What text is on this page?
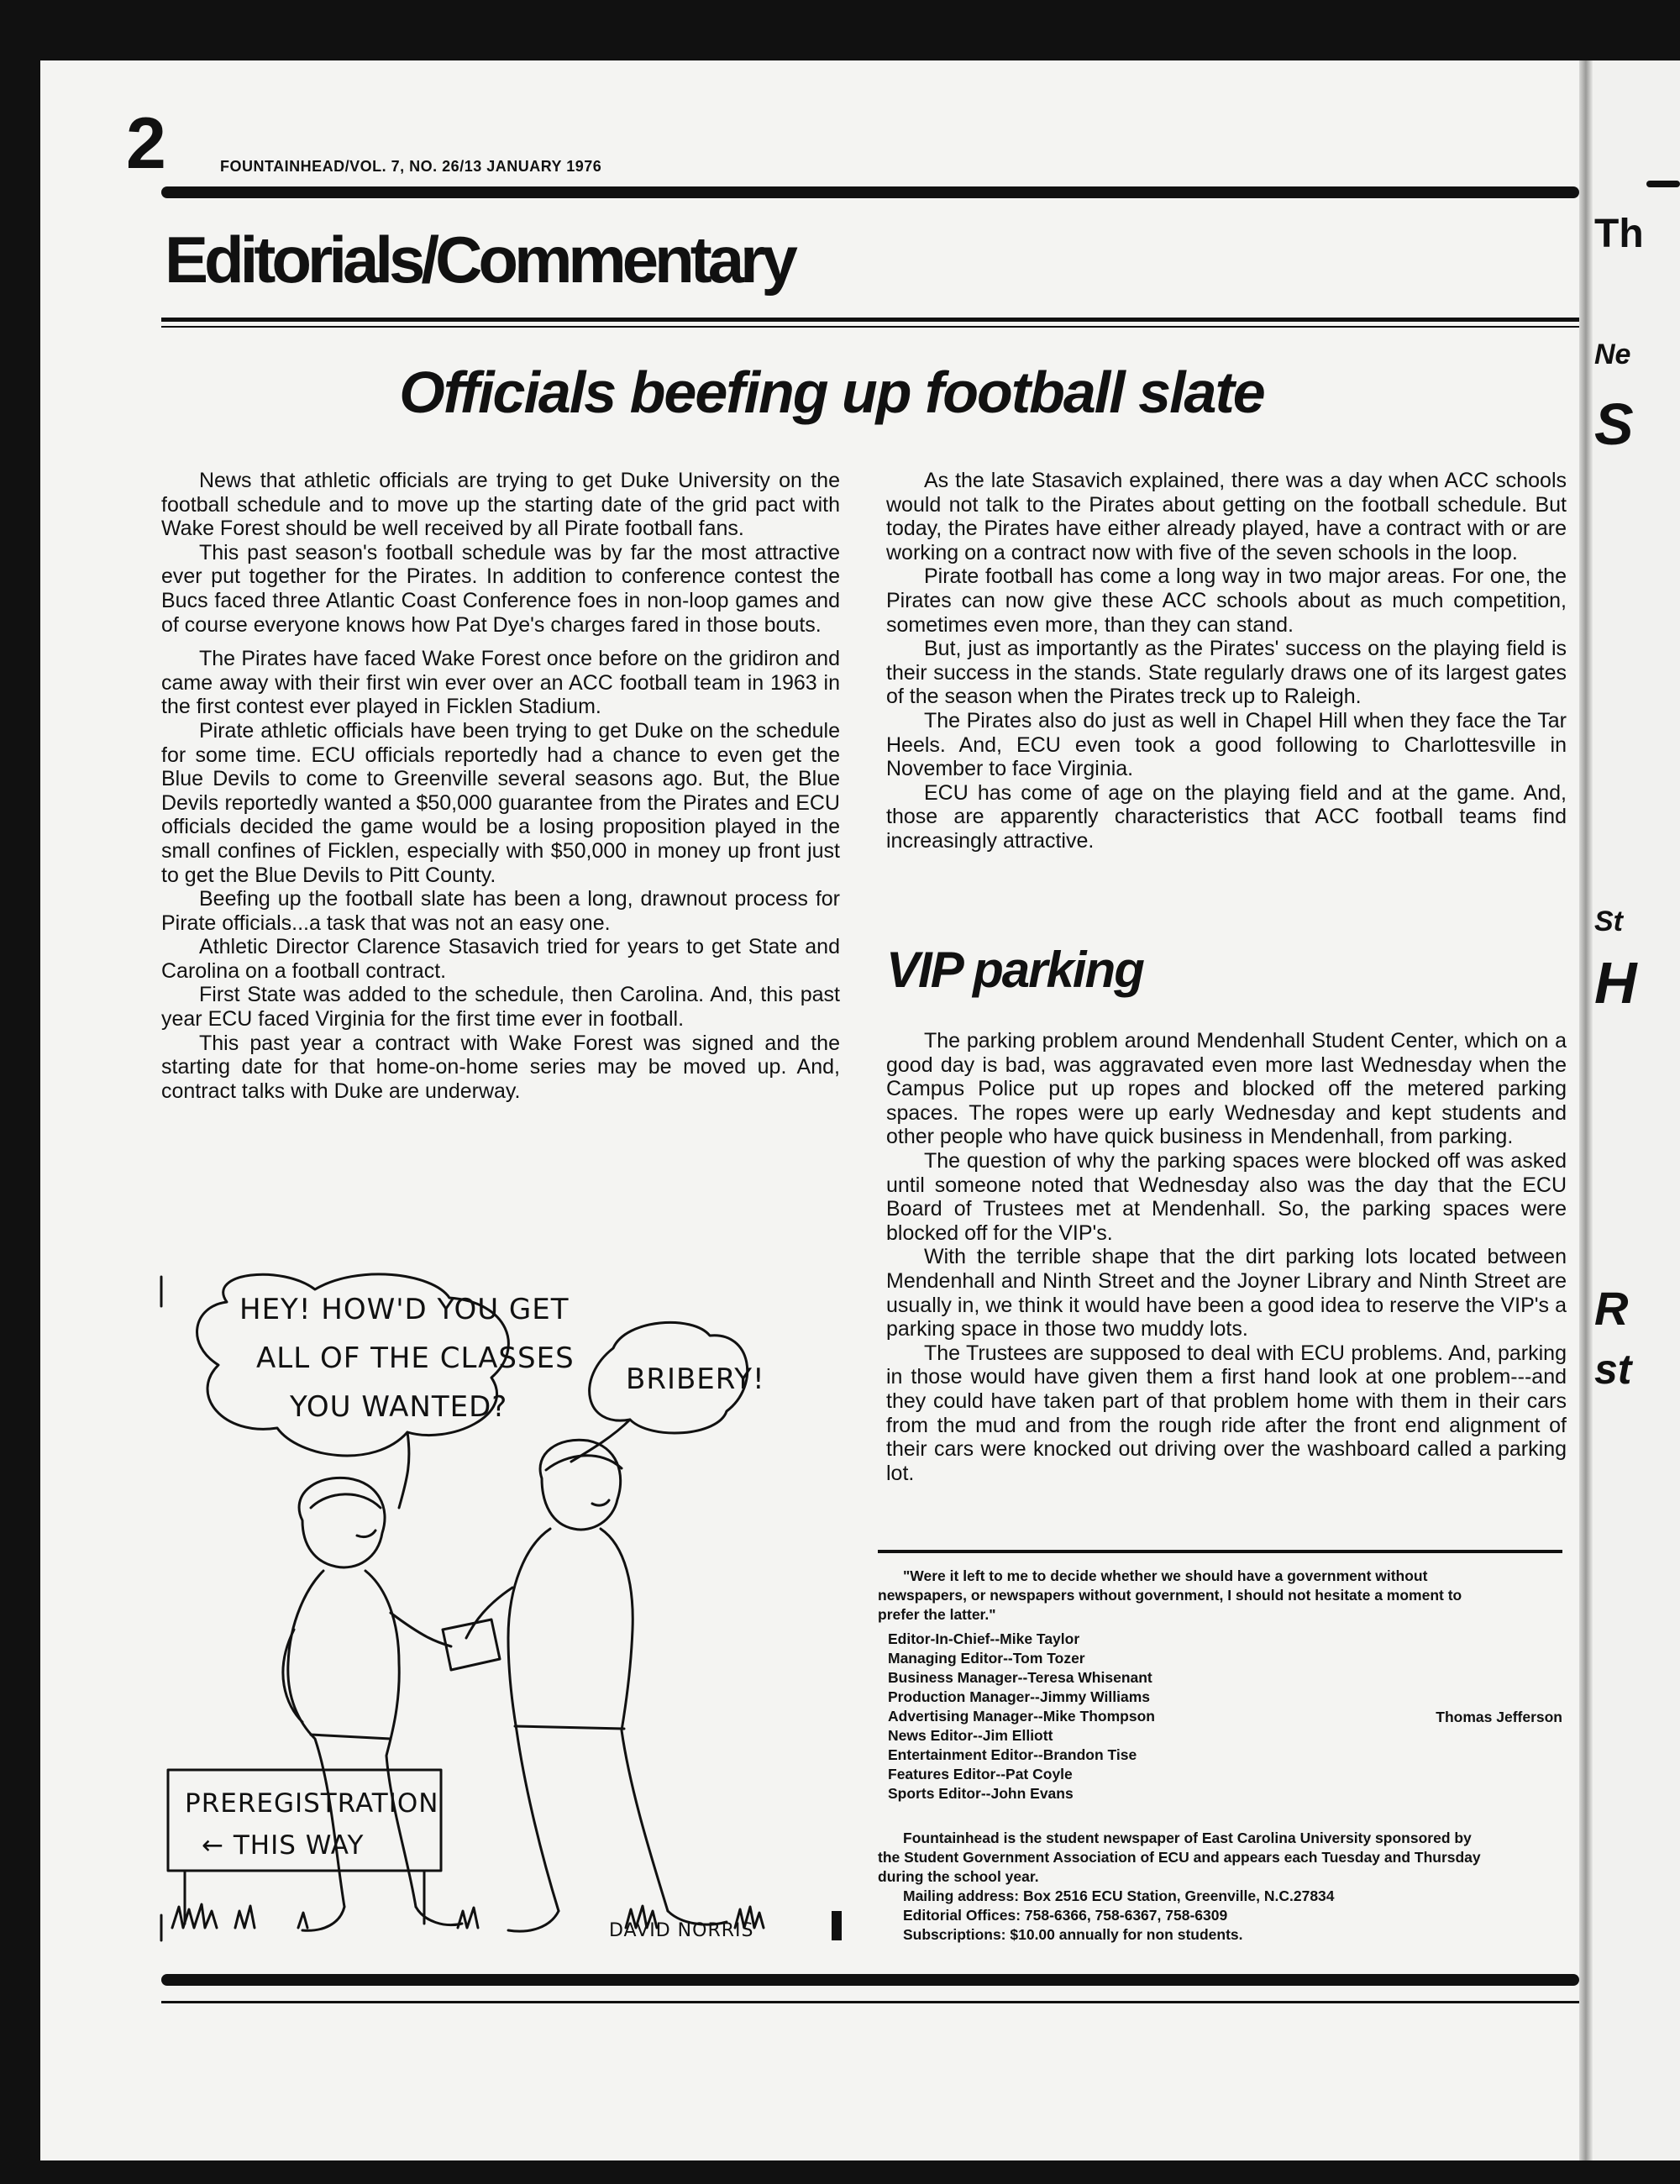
2	FOUNTAINHEAD/VOL. 7, NO. 26/13 JANUARY 1976
Editorials/Commentary
Officials beefing up football slate

News that athletic officials are trying to get Duke University on the football schedule and to move up the starting date of the grid pact with Wake Forest should be well received by all Pirate football fans.

This past season's football schedule was by far the most attractive ever put together for the Pirates. In addition to conference contest the Bucs faced three Atlantic Coast Conference foes in non-loop games and of course everyone knows how Pat Dye's charges fared in those bouts.

The Pirates have faced Wake Forest once before on the gridiron and came away with their first win ever over an ACC football team in 1963 in the first contest ever played in Ficklen Stadium.

Pirate athletic officials have been trying to get Duke on the schedule for some time. ECU officials reportedly had a chance to even get the Blue Devils to come to Greenville several seasons ago. But, the Blue Devils reportedly wanted a $50,000 guarantee from the Pirates and ECU officials decided the game would be a losing proposition played in the small confines of Ficklen, especially with $50,000 in money up front just to get the Blue Devils to Pitt County.

Beefing up the football slate has been a long, drawnout process for Pirate officials...a task that was not an easy one.

Athletic Director Clarence Stasavich tried for years to get State and Carolina on a football contract.

First State was added to the schedule, then Carolina. And, this past year ECU faced Virginia for the first time ever in football.

This past year a contract with Wake Forest was signed and the starting date for that home-on-home series may be moved up. And, contract talks with Duke are underway.

As the late Stasavich explained, there was a day when ACC schools would not talk to the Pirates about getting on the football schedule. But today, the Pirates have either already played, have a contract with or are working on a contract now with five of the seven schools in the loop.

Pirate football has come a long way in two major areas. For one, the Pirates can now give these ACC schools about as much competition, sometimes even more, than they can stand.

But, just as importantly as the Pirates' success on the playing field is their success in the stands. State regularly draws one of its largest gates of the season when the Pirates treck up to Raleigh.

The Pirates also do just as well in Chapel Hill when they face the Tar Heels. And, ECU even took a good following to Charlottesville in November to face Virginia.

ECU has come of age on the playing field and at the game. And, those are apparently characteristics that ACC football teams find increasingly attractive.

VIP parking

The parking problem around Mendenhall Student Center, which on a good day is bad, was aggravated even more last Wednesday when the Campus Police put up ropes and blocked off the metered parking spaces. The ropes were up early Wednesday and kept students and other people who have quick business in Mendenhall, from parking.

The question of why the parking spaces were blocked off was asked until someone noted that Wednesday also was the day that the ECU Board of Trustees met at Mendenhall. So, the parking spaces were blocked off for the VIP's.

With the terrible shape that the dirt parking lots located between Mendenhall and Ninth Street and the Joyner Library and Ninth Street are usually in, we think it would have been a good idea to reserve the VIP's a parking space in those two muddy lots.

The Trustees are supposed to deal with ECU problems. And, parking in those would have given them a first hand look at one problem---and they could have taken part of that problem home with them in their cars from the mud and from the rough ride after the front end alignment of their cars were knocked out driving over the washboard called a parking lot.

"Were it left to me to decide whether we should have a government without
newspapers, or newspapers without government, I should not hesitate a moment to
prefer the latter."
Editor-In-Chief--Mike Taylor
Managing Editor--Tom Tozer
Business Manager--Teresa Whisenant
Production Manager--Jimmy Williams
Advertising Manager--Mike Thompson
News Editor--Jim Elliott
Entertainment Editor--Brandon Tise
Features Editor--Pat Coyle
Sports Editor--John Evans
Thomas Jefferson
Fountainhead is the student newspaper of East Carolina University sponsored by
the Student Government Association of ECU and appears each Tuesday and Thursday
during the school year.
Mailing address: Box 2516 ECU Station, Greenville, N.C.27834
Editorial Offices: 758-6366, 758-6367, 758-6309
Subscriptions: $10.00 annually for non students.
HEY! HOW'D YOU GET
ALL OF THE CLASSES
YOU WANTED?
BRIBERY!
PREREGISTRATION
← THIS WAY
DAVID NORRIS
Th
Ne
S
St
H
R
st
